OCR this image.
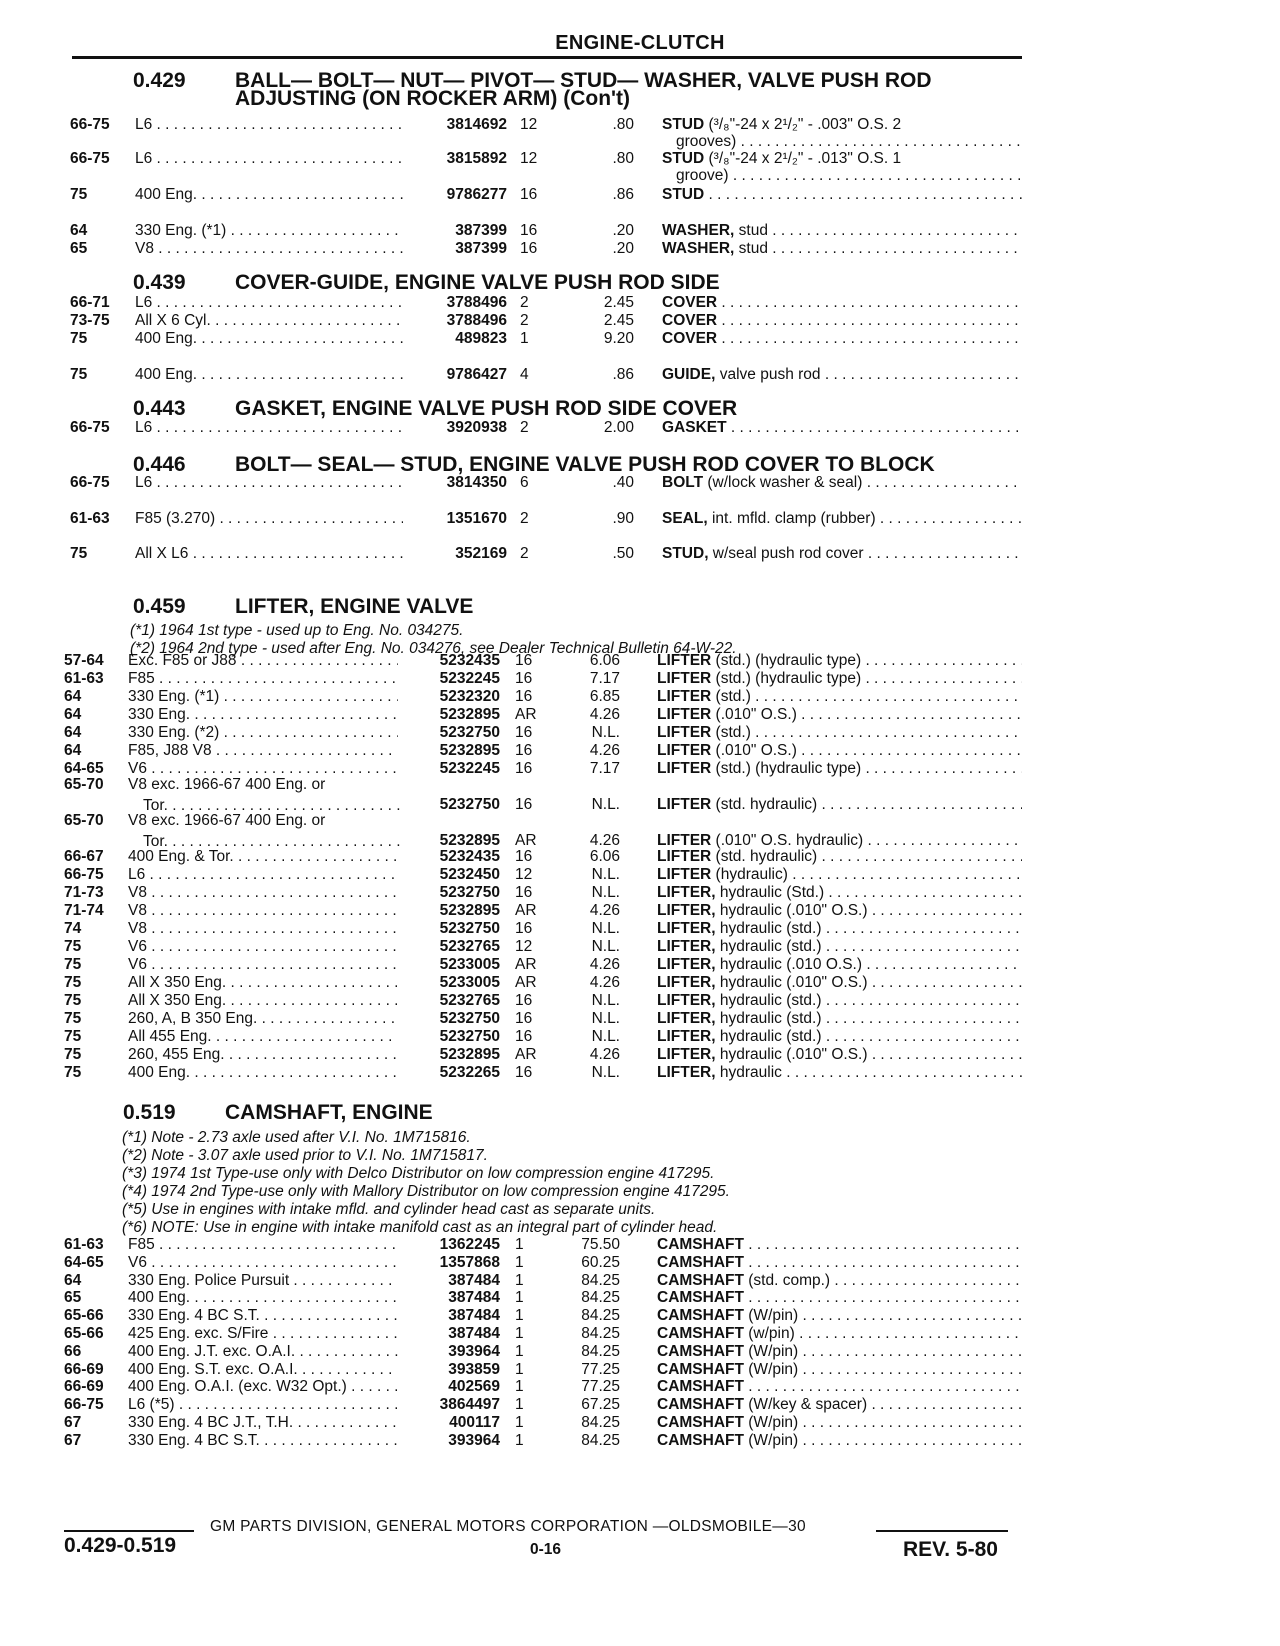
ENGINE-CLUTCH
0.429 BALL— BOLT— NUT— PIVOT— STUD— WASHER, VALVE PUSH ROD
ADJUSTING (ON ROCKER ARM) (Con't)
66-75 L6 . . .	3814692 12	.80 STUD (³/₈"-24 x 2¹/₂" - .003" O.S. 2
grooves) . . .
66-75 L6 . . .	3815892 12	.80 STUD (³/₈"-24 x 2¹/₂" - .013" O.S. 1
groove) . . .
75	400 Eng. . . .	9786277 16	.86 STUD . . .
64	330 Eng. (*1) . . .	387399 16	.20 WASHER, stud . . .
65	V8 . . .	387399 16	.20 WASHER, stud . . .
66-71 L6 . . .	3788496 2	2.45 COVER . . .
73-75 All X 6 Cyl. . . .	3788496 2	2.45 COVER . . .
75	400 Eng. . . .	489823 1	9.20 COVER . . .
75	400 Eng. . . .	9786427 4	.86 GUIDE, valve push rod . . .
66-75 L6 . . .	3920938 2	2.00 GASKET . . .
66-75 L6 . . .	3814350 6	.40 BOLT (w/lock washer & seal) . . .
61-63 F85 (3.270) . . .	1351670 2	.90 SEAL, int. mfld. clamp (rubber) . . .
75	All X L6 . . .	352169 2	.50 STUD, w/seal push rod cover . . .
57-64 Exc. F85 or J88 . . .	5232435 16	6.06 LIFTER (std.) (hydraulic type) . . .
61-63 F85 . . .	5232245 16	7.17 LIFTER (std.) (hydraulic type) . . .
64	330 Eng. (*1) . . .	5232320 16	6.85 LIFTER (std.) . . .
64	330 Eng. . . .	5232895 AR	4.26 LIFTER (.010" O.S.) . . .
64	330 Eng. (*2) . . .	5232750 16	N.L. LIFTER (std.) . . .
64	F85, J88 V8 . . .	5232895 16	4.26 LIFTER (.010" O.S.) . . .
64-65 V6 . . .	5232245 16	7.17 LIFTER (std.) (hydraulic type) . . .
65-70 V8 exc. 1966-67 400 Eng. or
Tor. . . .	5232750 16	N.L. LIFTER (std. hydraulic) . . .
65-70 V8 exc. 1966-67 400 Eng. or
Tor. . . .	5232895 AR	4.26 LIFTER (.010" O.S. hydraulic) . . .
66-67 400 Eng. & Tor. . . .	5232435 16	6.06 LIFTER (std. hydraulic) . . .
66-75 L6 . . .	5232450 12	N.L. LIFTER (hydraulic) . . .
71-73 V8 . . .	5232750 16	N.L. LIFTER, hydraulic (Std.) . . .
71-74 V8 . . .	5232895 AR	4.26 LIFTER, hydraulic (.010" O.S.) . . .
74	V8 . . .	5232750 16	N.L. LIFTER, hydraulic (std.) . . .
75	V6 . . .	5232765 12	N.L. LIFTER, hydraulic (std.) . . .
75	V6 . . .	5233005 AR	4.26 LIFTER, hydraulic (.010 O.S.) . . .
75	All X 350 Eng. . . .	5233005 AR	4.26 LIFTER, hydraulic (.010" O.S.) . . .
75	All X 350 Eng. . . .	5232765 16	N.L. LIFTER, hydraulic (std.) . . .
75	260, A, B 350 Eng. . . .	5232750 16	N.L. LIFTER, hydraulic (std.) . . .
75	All 455 Eng. . . .	5232750 16	N.L. LIFTER, hydraulic (std.) . . .
75	260, 455 Eng. . . .	5232895 AR	4.26 LIFTER, hydraulic (.010" O.S.) . . .
75	400 Eng. . . .	5232265 16	N.L. LIFTER, hydraulic . . .
61-63 F85 . . .	1362245 1	75.50 CAMSHAFT . . .
64-65 V6 . . .	1357868 1	60.25 CAMSHAFT . . .
64	330 Eng. Police Pursuit . . .	387484 1	84.25 CAMSHAFT (std. comp.) . . .
65	400 Eng. . . .	387484 1	84.25 CAMSHAFT . . .
65-66 330 Eng. 4 BC S.T. . . .	387484 1	84.25 CAMSHAFT (W/pin) . . .
65-66 425 Eng. exc. S/Fire . . .	387484 1	84.25 CAMSHAFT (w/pin) . . .
66	400 Eng. J.T. exc. O.A.I. . . .	393964 1	84.25 CAMSHAFT (W/pin) . . .
66-69 400 Eng. S.T. exc. O.A.I. . . .	393859 1	77.25 CAMSHAFT (W/pin) . . .
66-69 400 Eng. O.A.I. (exc. W32 Opt.) . . .	402569 1	77.25 CAMSHAFT . . .
66-75 L6 (*5) . . .	3864497 1	67.25 CAMSHAFT (W/key & spacer) . . .
67	330 Eng. 4 BC J.T., T.H. . . .	400117 1	84.25 CAMSHAFT (W/pin) . . .
67	330 Eng. 4 BC S.T. . . .	393964 1	84.25 CAMSHAFT (W/pin) . . .
0.439 COVER-GUIDE, ENGINE VALVE PUSH ROD SIDE
0.443 GASKET, ENGINE VALVE PUSH ROD SIDE COVER
0.446 BOLT— SEAL— STUD, ENGINE VALVE PUSH ROD COVER TO BLOCK
0.459 LIFTER, ENGINE VALVE
(*1) 1964 1st type - used up to Eng. No. 034275.
(*2) 1964 2nd type - used after Eng. No. 034276, see Dealer Technical Bulletin 64-W-22.
0.519 CAMSHAFT, ENGINE
(*1) Note - 2.73 axle used after V.I. No. 1M715816.
(*2) Note - 3.07 axle used prior to V.I. No. 1M715817.
(*3) 1974 1st Type-use only with Delco Distributor on low compression engine 417295.
(*4) 1974 2nd Type-use only with Mallory Distributor on low compression engine 417295.
(*5) Use in engines with intake mfld. and cylinder head cast as separate units.
(*6) NOTE: Use in engine with intake manifold cast as an integral part of cylinder head.
GM PARTS DIVISION, GENERAL MOTORS CORPORATION —OLDSMOBILE—30
0.429-0.519	0-16	REV. 5-80
